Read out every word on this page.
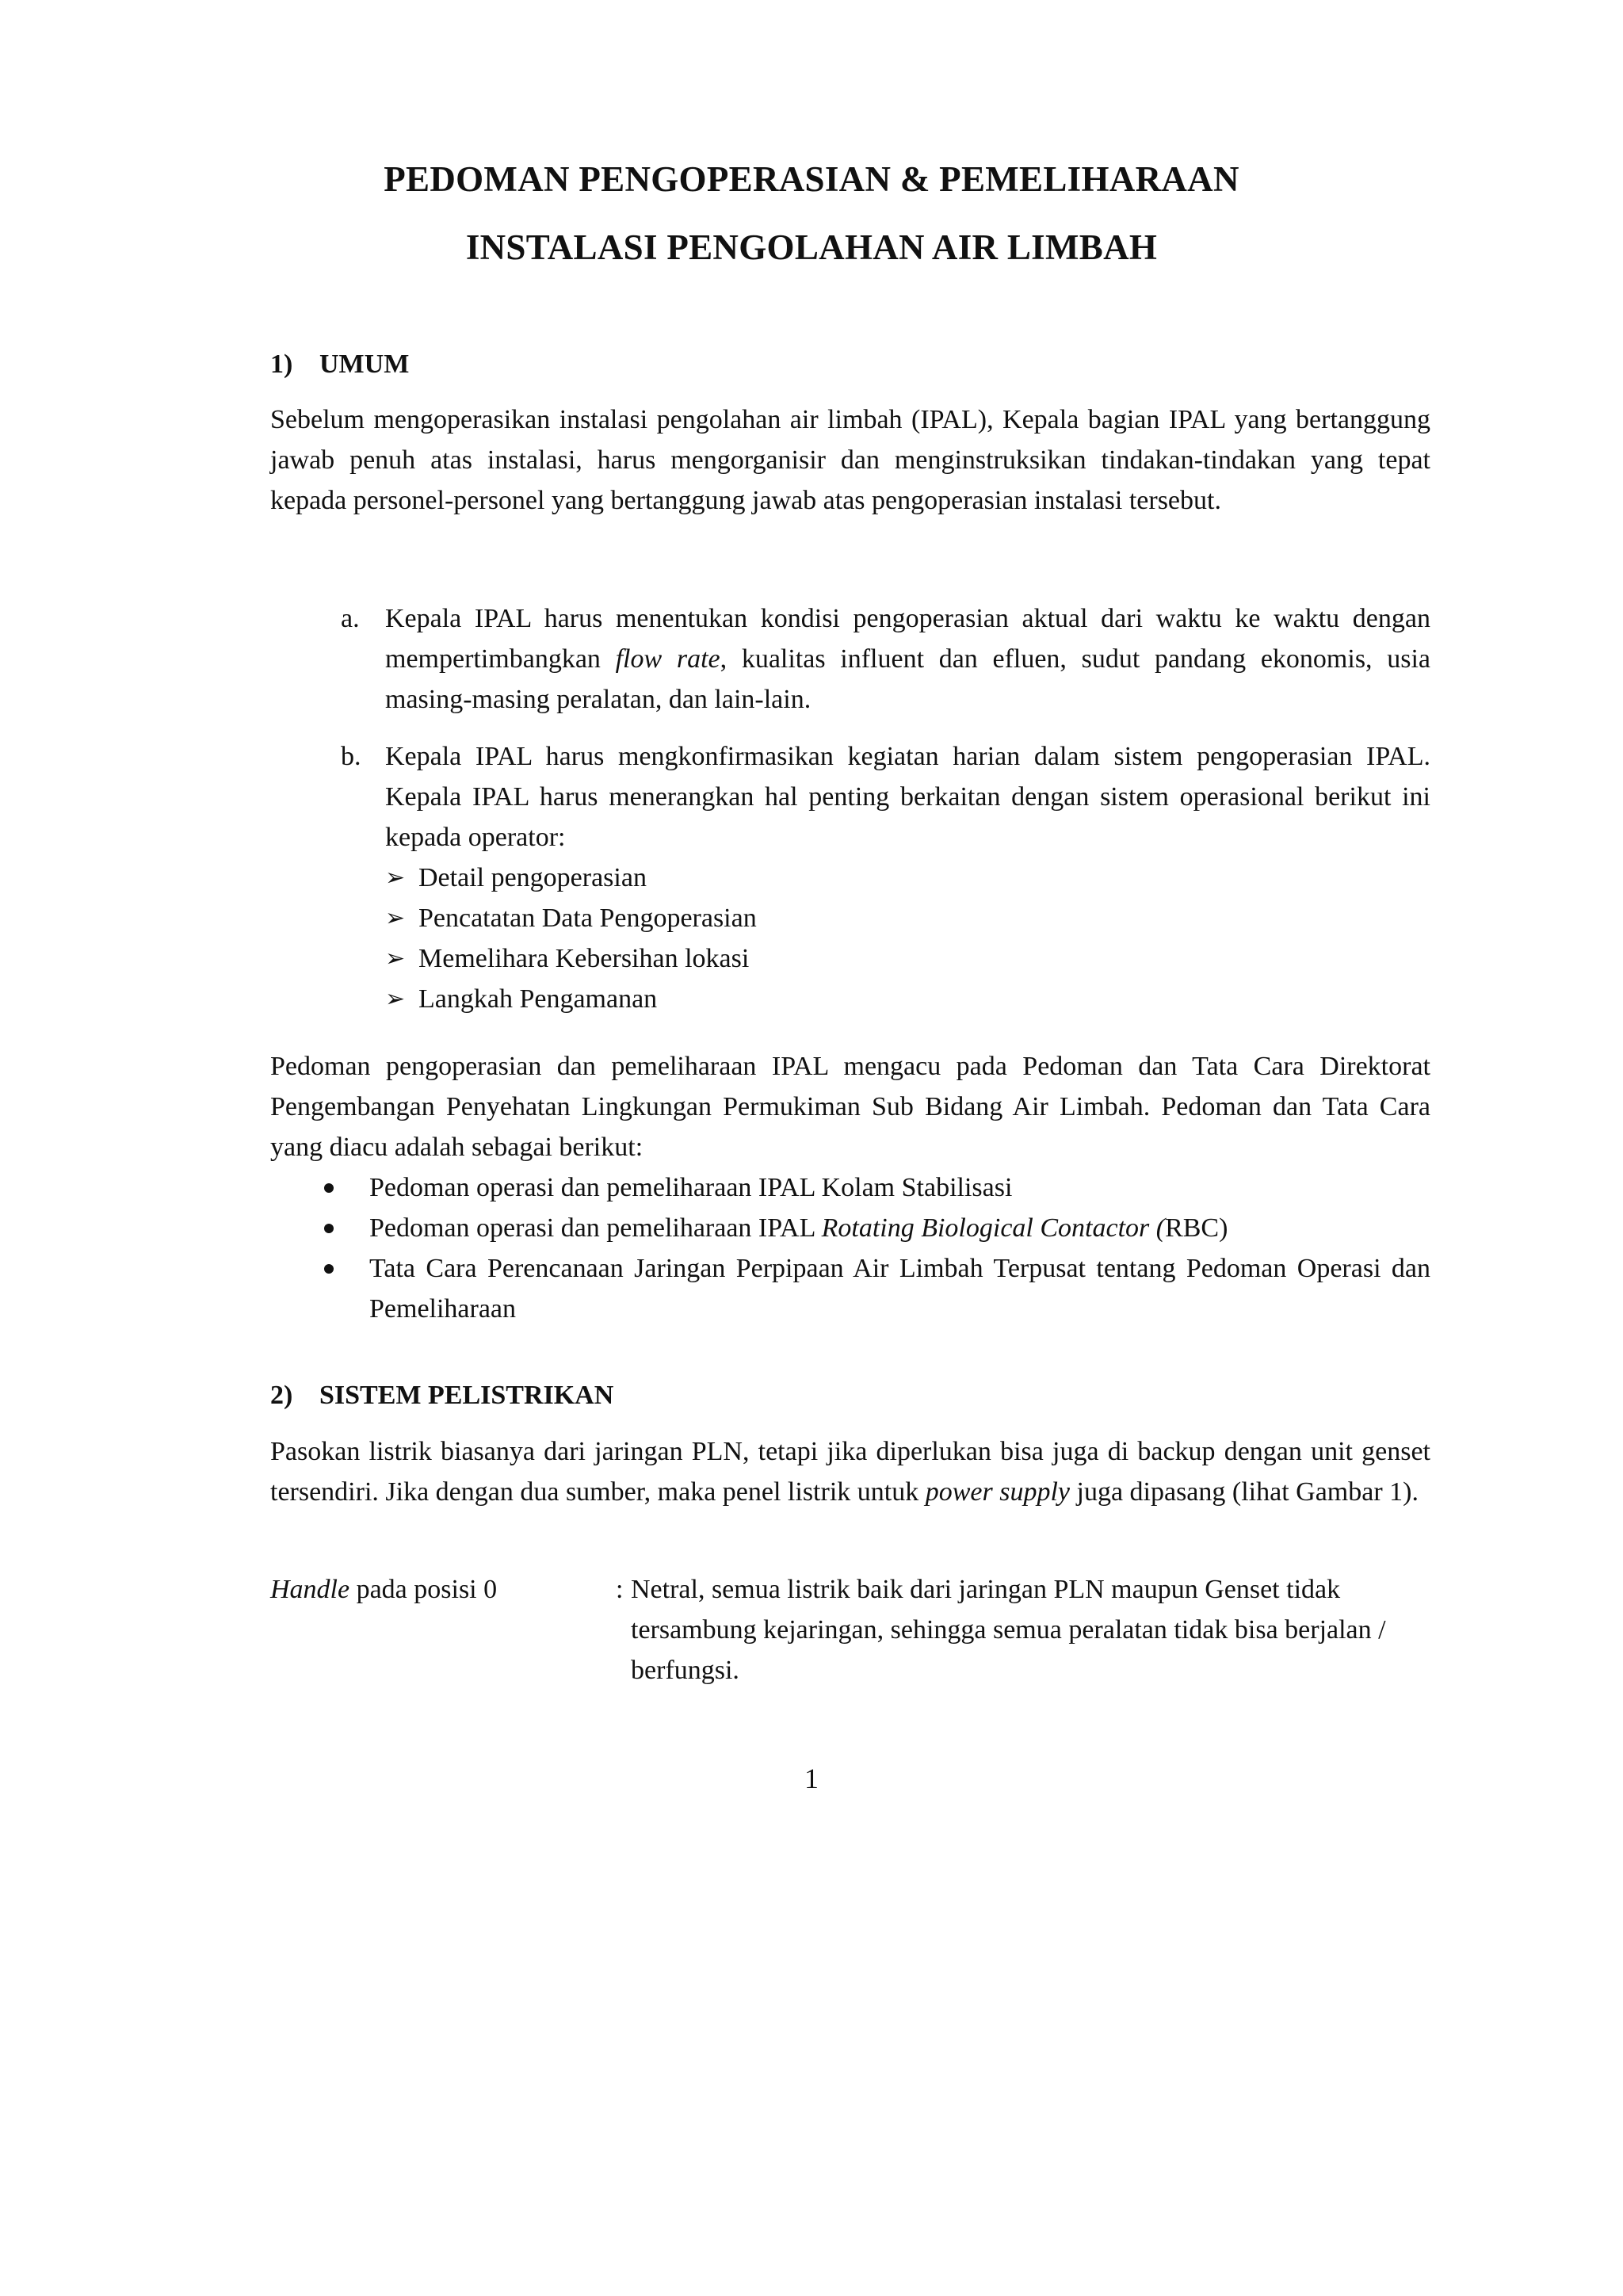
PEDOMAN PENGOPERASIAN & PEMELIHARAAN
INSTALASI PENGOLAHAN AIR LIMBAH
1) UMUM

Sebelum mengoperasikan instalasi pengolahan air limbah (IPAL), Kepala bagian IPAL yang bertanggung jawab penuh atas instalasi, harus mengorganisir dan menginstruksikan tindakan-tindakan yang tepat kepada personel-personel yang bertanggung jawab atas pengoperasian instalasi tersebut.

a. Kepala IPAL harus menentukan kondisi pengoperasian aktual dari waktu ke waktu dengan mempertimbangkan flow rate, kualitas influent dan efluen, sudut pandang ekonomis, usia masing-masing peralatan, dan lain-lain.
b. Kepala IPAL harus mengkonfirmasikan kegiatan harian dalam sistem pengoperasian IPAL. Kepala IPAL harus menerangkan hal penting berkaitan dengan sistem operasional berikut ini kepada operator:
➢ Detail pengoperasian
➢ Pencatatan Data Pengoperasian
➢ Memelihara Kebersihan lokasi
➢ Langkah Pengamanan

Pedoman pengoperasian dan pemeliharaan IPAL mengacu pada Pedoman dan Tata Cara Direktorat Pengembangan Penyehatan Lingkungan Permukiman Sub Bidang Air Limbah. Pedoman dan Tata Cara yang diacu adalah sebagai berikut:

Pedoman operasi dan pemeliharaan IPAL Kolam Stabilisasi
Pedoman operasi dan pemeliharaan IPAL Rotating Biological Contactor (RBC)
Tata Cara Perencanaan Jaringan Perpipaan Air Limbah Terpusat tentang Pedoman Operasi dan Pemeliharaan
2) SISTEM PELISTRIKAN

Pasokan listrik biasanya dari jaringan PLN, tetapi jika diperlukan bisa juga di backup dengan unit genset tersendiri. Jika dengan dua sumber, maka penel listrik untuk power supply juga dipasang (lihat Gambar 1).

Handle pada posisi 0	: Netral, semua listrik baik dari jaringan PLN maupun Genset tidak tersambung kejaringan, sehingga semua peralatan tidak bisa berjalan / berfungsi.
1
